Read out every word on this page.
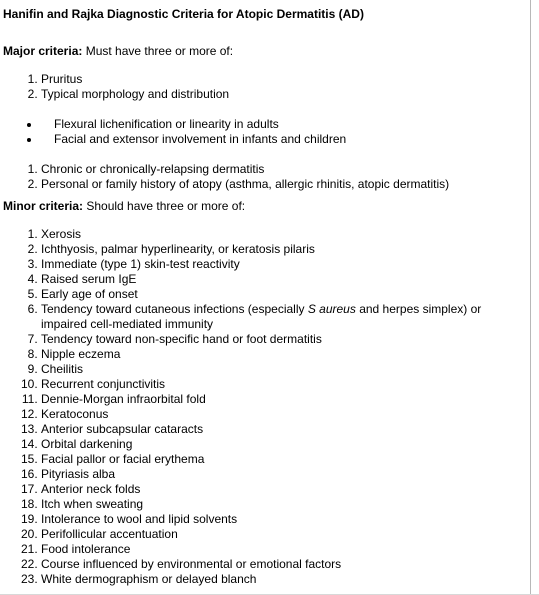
Hanifin and Rajka Diagnostic Criteria for Atopic Dermatitis (AD)

Major criteria: Must have three or more of:

1. Pruritus
2. Typical morphology and distribution
• Flexural lichenification or linearity in adults
• Facial and extensor involvement in infants and children
1. Chronic or chronically-relapsing dermatitis
2. Personal or family history of atopy (asthma, allergic rhinitis, atopic dermatitis)

Minor criteria: Should have three or more of:

1. Xerosis
2. Ichthyosis, palmar hyperlinearity, or keratosis pilaris
3. Immediate (type 1) skin-test reactivity
4. Raised serum IgE
5. Early age of onset
6. Tendency toward cutaneous infections (especially S aureus and herpes simplex) or impaired cell-mediated immunity
7. Tendency toward non-specific hand or foot dermatitis
8. Nipple eczema
9. Cheilitis
10. Recurrent conjunctivitis
11. Dennie-Morgan infraorbital fold
12. Keratoconus
13. Anterior subcapsular cataracts
14. Orbital darkening
15. Facial pallor or facial erythema
16. Pityriasis alba
17. Anterior neck folds
18. Itch when sweating
19. Intolerance to wool and lipid solvents
20. Perifollicular accentuation
21. Food intolerance
22. Course influenced by environmental or emotional factors
23. White dermographism or delayed blanch
